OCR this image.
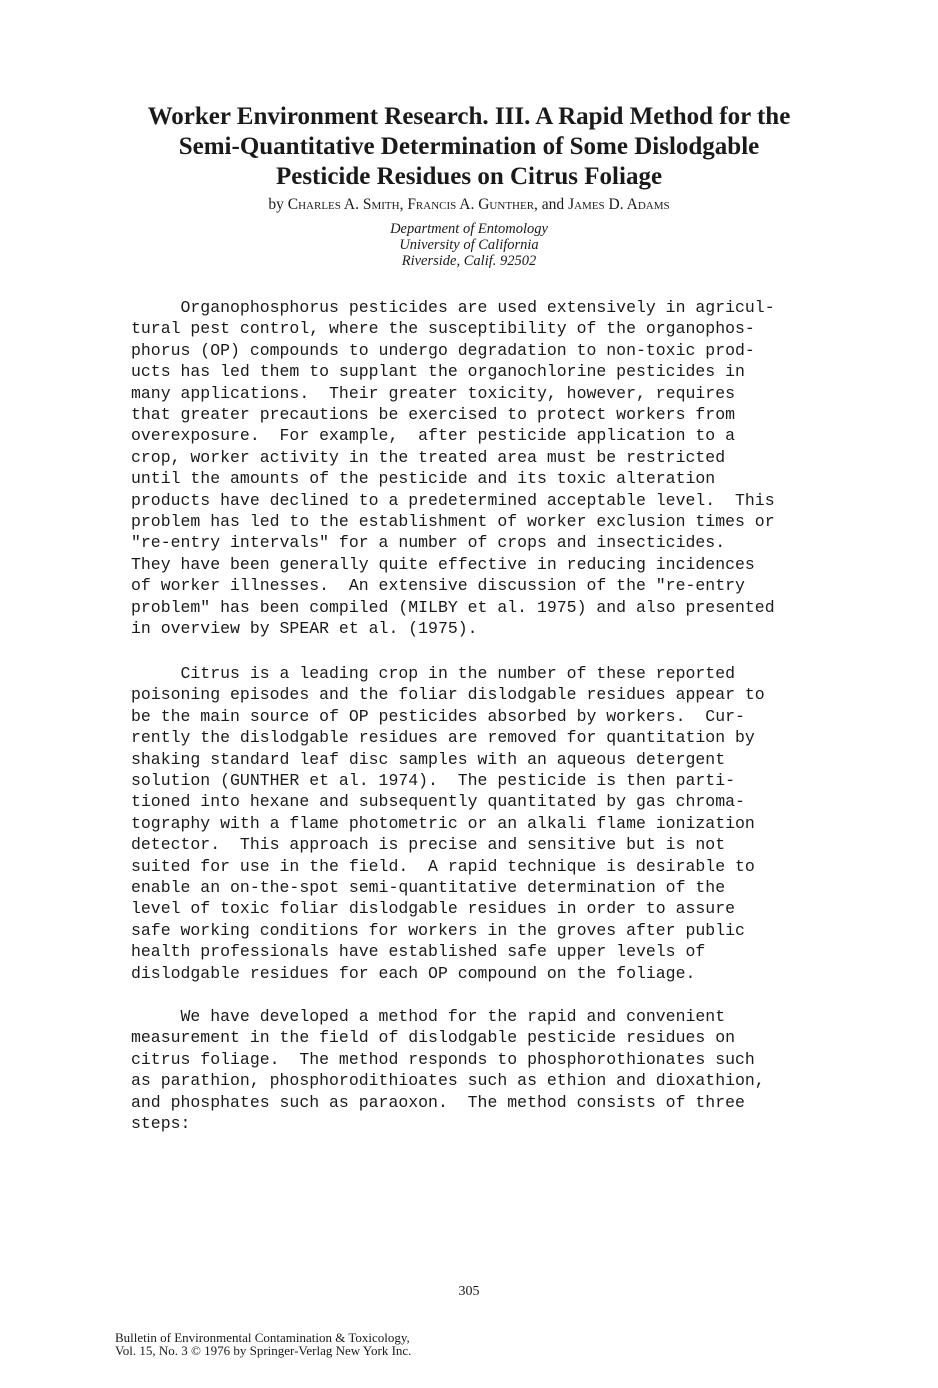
Worker Environment Research. III. A Rapid Method for the
Semi-Quantitative Determination of Some Dislodgable
Pesticide Residues on Citrus Foliage
by Charles A. Smith, Francis A. Gunther, and James D. Adams
Department of Entomology
University of California
Riverside, Calif. 92502

Organophosphorus pesticides are used extensively in agricul-
tural pest control, where the susceptibility of the organophos-
phorus (OP) compounds to undergo degradation to non-toxic prod-
ucts has led them to supplant the organochlorine pesticides in
many applications.  Their greater toxicity, however, requires
that greater precautions be exercised to protect workers from
overexposure.  For example,  after pesticide application to a
crop, worker activity in the treated area must be restricted
until the amounts of the pesticide and its toxic alteration
products have declined to a predetermined acceptable level.  This
problem has led to the establishment of worker exclusion times or
"re-entry intervals" for a number of crops and insecticides.
They have been generally quite effective in reducing incidences
of worker illnesses.  An extensive discussion of the "re-entry
problem" has been compiled (MILBY et al. 1975) and also presented
in overview by SPEAR et al. (1975).

Citrus is a leading crop in the number of these reported
poisoning episodes and the foliar dislodgable residues appear to
be the main source of OP pesticides absorbed by workers.  Cur-
rently the dislodgable residues are removed for quantitation by
shaking standard leaf disc samples with an aqueous detergent
solution (GUNTHER et al. 1974).  The pesticide is then parti-
tioned into hexane and subsequently quantitated by gas chroma-
tography with a flame photometric or an alkali flame ionization
detector.  This approach is precise and sensitive but is not
suited for use in the field.  A rapid technique is desirable to
enable an on-the-spot semi-quantitative determination of the
level of toxic foliar dislodgable residues in order to assure
safe working conditions for workers in the groves after public
health professionals have established safe upper levels of
dislodgable residues for each OP compound on the foliage.

We have developed a method for the rapid and convenient
measurement in the field of dislodgable pesticide residues on
citrus foliage.  The method responds to phosphorothionates such
as parathion, phosphorodithioates such as ethion and dioxathion,
and phosphates such as paraoxon.  The method consists of three
steps:

305
Bulletin of Environmental Contamination & Toxicology,
Vol. 15, No. 3 © 1976 by Springer-Verlag New York Inc.
